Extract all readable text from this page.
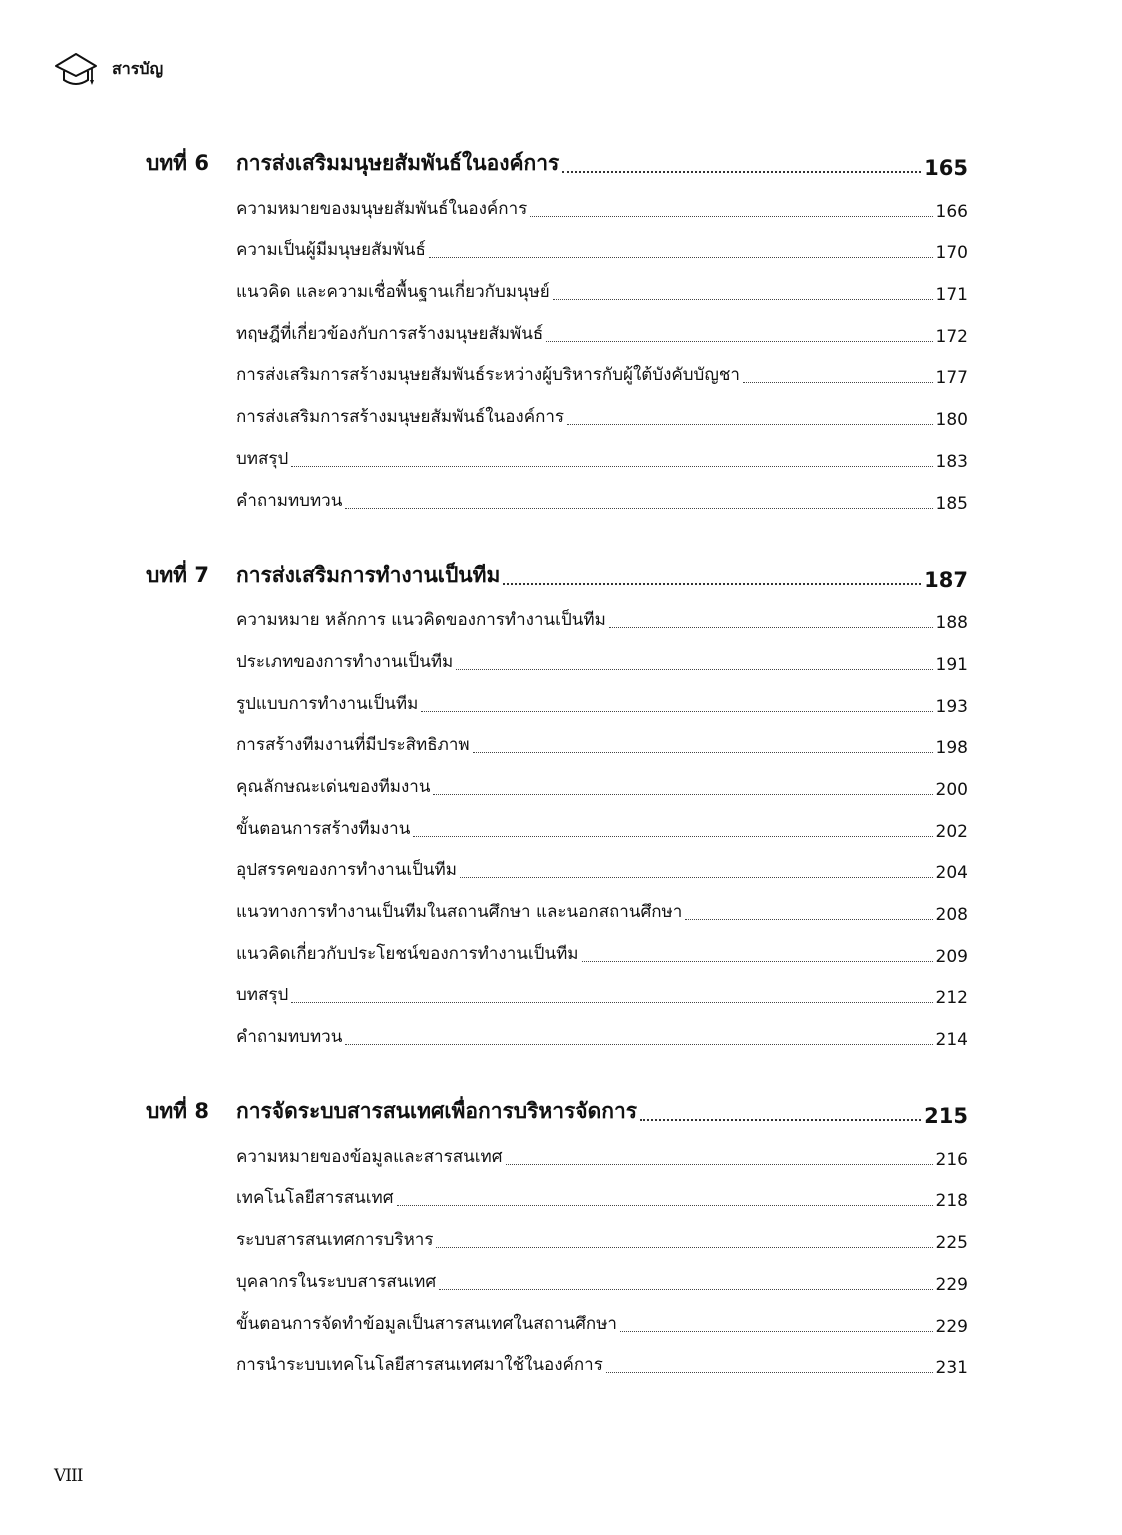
สารบัญ
บทที่ 6	การส่งเสริมมนุษยสัมพันธ์ในองค์การ	165
ความหมายของมนุษยสัมพันธ์ในองค์การ	166
ความเป็นผู้มีมนุษยสัมพันธ์	170
แนวคิด และความเชื่อพื้นฐานเกี่ยวกับมนุษย์	171
ทฤษฎีที่เกี่ยวข้องกับการสร้างมนุษยสัมพันธ์	172
การส่งเสริมการสร้างมนุษยสัมพันธ์ระหว่างผู้บริหารกับผู้ใต้บังคับบัญชา	177
การส่งเสริมการสร้างมนุษยสัมพันธ์ในองค์การ	180
บทสรุป	183
คำถามทบทวน	185
บทที่ 7	การส่งเสริมการทำงานเป็นทีม	187
ความหมาย หลักการ แนวคิดของการทำงานเป็นทีม	188
ประเภทของการทำงานเป็นทีม	191
รูปแบบการทำงานเป็นทีม	193
การสร้างทีมงานที่มีประสิทธิภาพ	198
คุณลักษณะเด่นของทีมงาน	200
ขั้นตอนการสร้างทีมงาน	202
อุปสรรคของการทำงานเป็นทีม	204
แนวทางการทำงานเป็นทีมในสถานศึกษา และนอกสถานศึกษา	208
แนวคิดเกี่ยวกับประโยชน์ของการทำงานเป็นทีม	209
บทสรุป	212
คำถามทบทวน	214
บทที่ 8	การจัดระบบสารสนเทศเพื่อการบริหารจัดการ	215
ความหมายของข้อมูลและสารสนเทศ	216
เทคโนโลยีสารสนเทศ	218
ระบบสารสนเทศการบริหาร	225
บุคลากรในระบบสารสนเทศ	229
ขั้นตอนการจัดทำข้อมูลเป็นสารสนเทศในสถานศึกษา	229
การนำระบบเทคโนโลยีสารสนเทศมาใช้ในองค์การ	231
VIII
